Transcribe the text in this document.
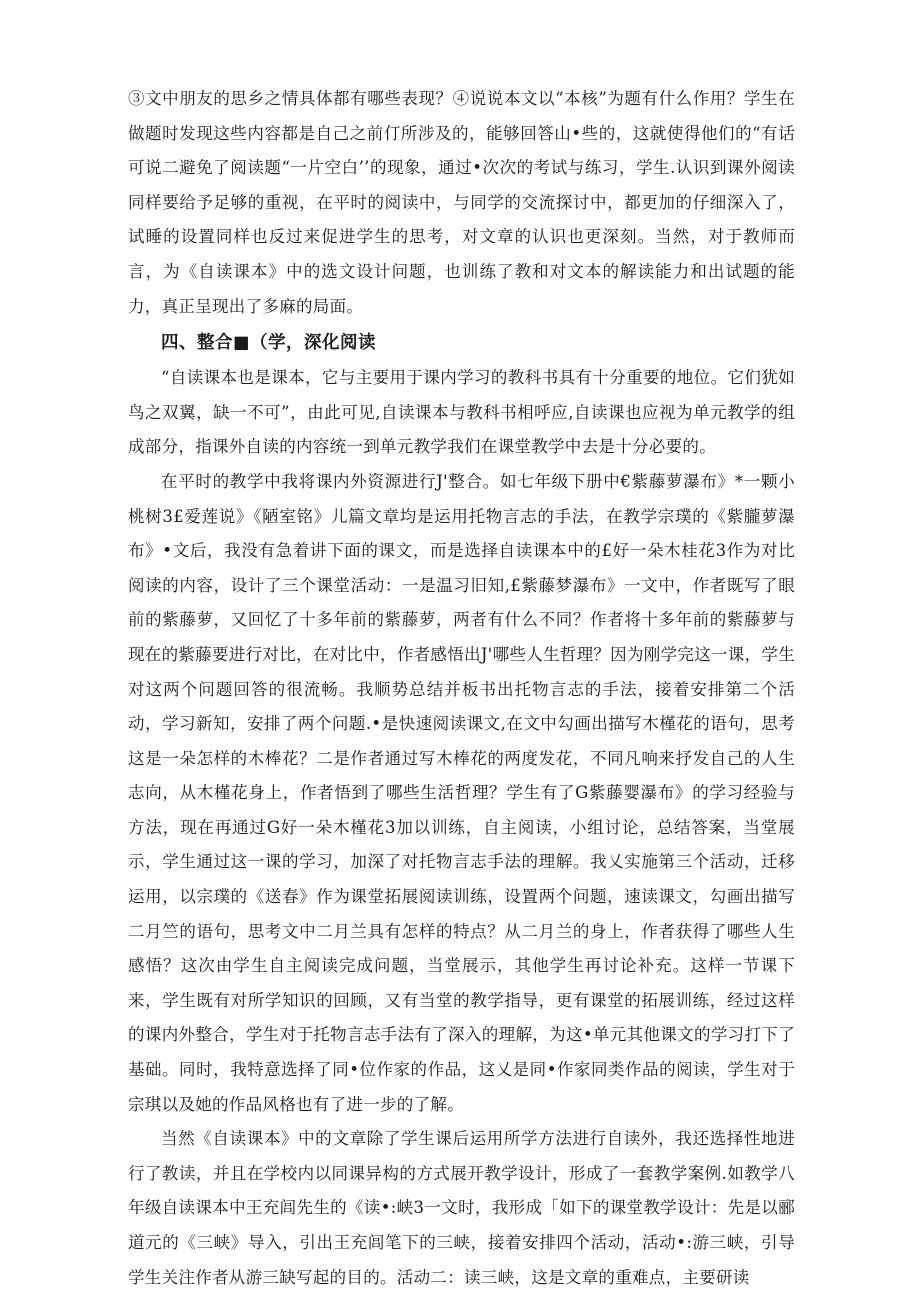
③文中朋友的思乡之情具体都有哪些表现？④说说本文以“本核”为题有什么作用？学生在做题时发现这些内容都是自己之前仃所涉及的，能够回答山•些的，这就使得他们的“有话可说二避免了阅读题“一片空白’’的现象，通过•次次的考试与练习，学生.认识到课外阅读同样要给予足够的重视，在平时的阅读中，与同学的交流探讨中，都更加的仔细深入了，试睡的设置同样也反过来促进学生的思考，对文章的认识也更深刻。当然，对于教师而言，为《自读课本》中的选文设计问题，也训练了教和对文本的解读能力和出试题的能力，真正呈现出了多麻的局面。

四、整合■（学，深化阅读

“自读课本也是课本，它与主要用于课内学习的教科书具有十分重要的地位。它们犹如鸟之双翼，缺一不可”，由此可见,自读课本与教科书相呼应,自读课也应视为单元教学的组成部分，指课外自读的内容统一到单元教学我们在课堂教学中去是十分必要的。

在平时的教学中我将课内外资源进行J'整合。如七年级下册中€紫藤萝瀑布》*一颗小桃树3£爱莲说》《陋室铭》儿篇文章均是运用托物言志的手法，在教学宗璞的《紫朧萝瀑布》•文后，我没有急着讲下面的课文，而是选择自读课本中的£好一朵木桂花3作为对比阅读的内容，设计了三个课堂活动：一是温习旧知,£紫藤梦瀑布》一文中，作者既写了眼前的紫藤萝，又回忆了十多年前的紫藤萝，两者有什么不同？作者将十多年前的紫藤萝与现在的紫藤要进行对比，在对比中，作者感悟出J'哪些人生哲理？因为刚学完这一课，学生对这两个问题回答的很流畅。我顺势总结并板书出托物言志的手法，接着安排第二个活动，学习新知，安排了两个问题.•是快速阅读课文,在文中勾画出描写木槿花的语句，思考这是一朵怎样的木棒花？二是作者通过写木棒花的两度发花，不同凡响来抒发自己的人生志向，从木槿花身上，作者悟到了哪些生活哲理？学生有了G紫藤婴瀑布》的学习经验与方法，现在再通过G好一朵木槿花3加以训练，自主阅读，小组讨论，总结答案，当堂展示，学生通过这一课的学习，加深了对托物言志手法的理解。我乂实施第三个活动，迁移运用，以宗璞的《送春》作为课堂拓展阅读训练，设置两个问题，速读课文，勾画出描写二月竺的语句，思考文中二月兰具有怎样的特点？从二月兰的身上，作者获得了哪些人生感悟？这次由学生自主阅读完成问题，当堂展示，其他学生再讨论补充。这样一节课下来，学生既有对所学知识的回顾，又有当堂的教学指导，更有课堂的拓展训练，经过这样的课内外整合，学生对于托物言志手法有了深入的理解，为这•单元其他课文的学习打下了基础。同时，我特意选择了同•位作家的作品，这乂是同•作家同类作品的阅读，学生对于宗琪以及她的作品风格也有了进一步的了解。

当然《自读课本》中的文章除了学生课后运用所学方法进行自读外，我还选择性地进行了教读，并且在学校内以同课异构的方式展开教学设计，形成了一套教学案例.如教学八年级自读课本中王充闾先生的《读•:峡3一文时，我形成「如下的课堂教学设计：先是以郦道元的《三峡》导入，引出王充闾笔下的三峡，接着安排四个活动，活动•:游三峡，引导学生关注作者从游三缺写起的目的。活动二：读三峡，这是文章的重难点，主要研读
